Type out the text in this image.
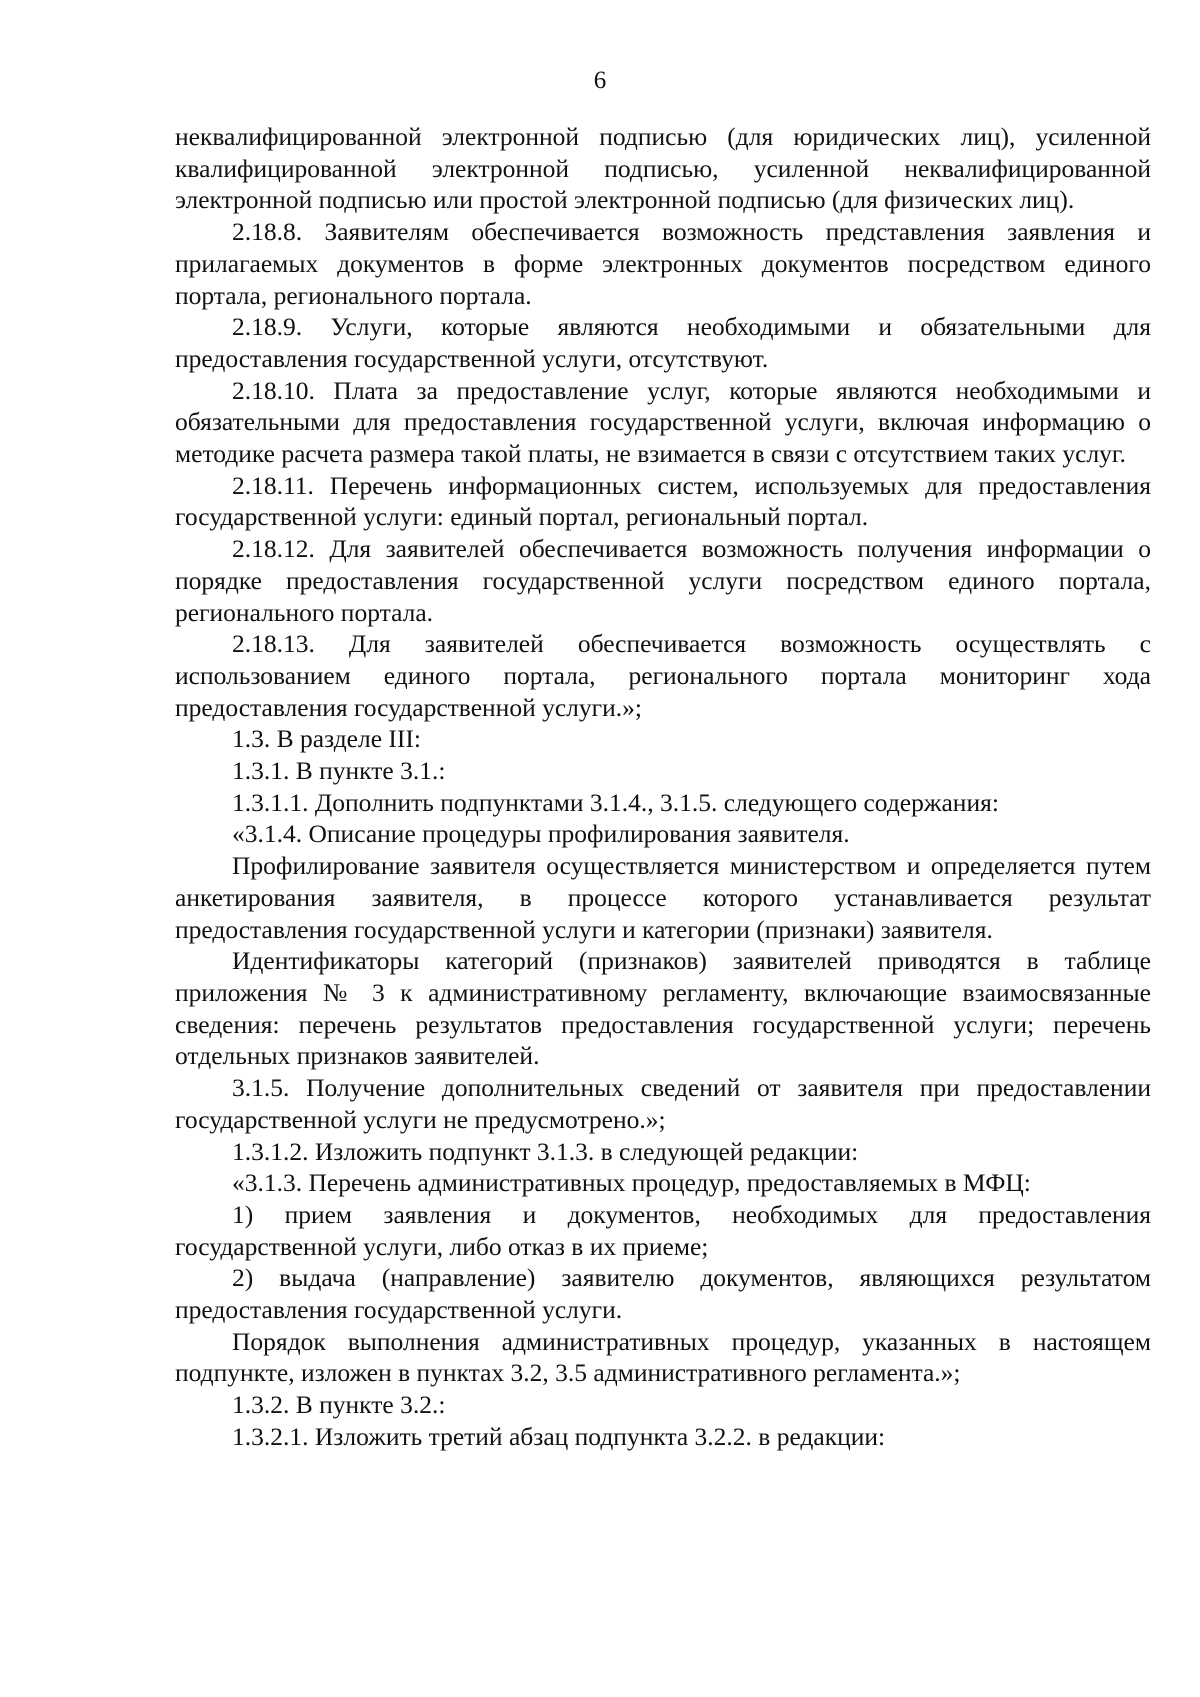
6

неквалифицированной электронной подписью (для юридических лиц), усиленной квалифицированной электронной подписью, усиленной неквалифицированной электронной подписью или простой электронной подписью (для физических лиц).

2.18.8. Заявителям обеспечивается возможность представления заявления и прилагаемых документов в форме электронных документов посредством единого портала, регионального портала.

2.18.9. Услуги, которые являются необходимыми и обязательными для предоставления государственной услуги, отсутствуют.

2.18.10. Плата за предоставление услуг, которые являются необходимыми и обязательными для предоставления государственной услуги, включая информацию о методике расчета размера такой платы, не взимается в связи с отсутствием таких услуг.

2.18.11. Перечень информационных систем, используемых для предоставления государственной услуги: единый портал, региональный портал.

2.18.12. Для заявителей обеспечивается возможность получения информации о порядке предоставления государственной услуги посредством единого портала, регионального портала.

2.18.13. Для заявителей обеспечивается возможность осуществлять с использованием единого портала, регионального портала мониторинг хода предоставления государственной услуги.»;

1.3. В разделе III:

1.3.1. В пункте 3.1.:

1.3.1.1. Дополнить подпунктами 3.1.4., 3.1.5. следующего содержания:

«3.1.4. Описание процедуры профилирования заявителя.

Профилирование заявителя осуществляется министерством и определяется путем анкетирования заявителя, в процессе которого устанавливается результат предоставления государственной услуги и категории (признаки) заявителя.

Идентификаторы категорий (признаков) заявителей приводятся в таблице приложения № 3 к административному регламенту, включающие взаимосвязанные сведения: перечень результатов предоставления государственной услуги; перечень отдельных признаков заявителей.

3.1.5. Получение дополнительных сведений от заявителя при предоставлении государственной услуги не предусмотрено.»;

1.3.1.2. Изложить подпункт 3.1.3. в следующей редакции:

«3.1.3. Перечень административных процедур, предоставляемых в МФЦ:

1) прием заявления и документов, необходимых для предоставления государственной услуги, либо отказ в их приеме;

2) выдача (направление) заявителю документов, являющихся результатом предоставления государственной услуги.

Порядок выполнения административных процедур, указанных в настоящем подпункте, изложен в пунктах 3.2, 3.5 административного регламента.»;

1.3.2. В пункте 3.2.:

1.3.2.1. Изложить третий абзац подпункта 3.2.2. в редакции:
